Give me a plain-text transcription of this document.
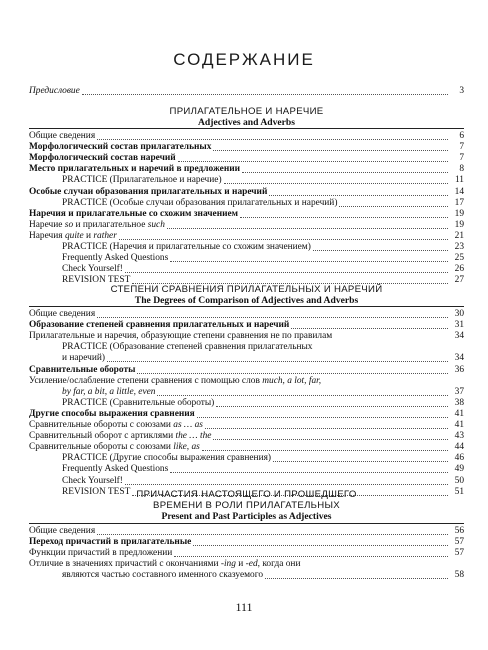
СОДЕРЖАНИЕ
Предисловие	3
ПРИЛАГАТЕЛЬНОЕ И НАРЕЧИЕ
Adjectives and Adverbs
Общие сведения	6
Морфологический состав прилагательных	7
Морфологический состав наречий	7
Место прилагательных и наречий в предложении	8
PRACTICE (Прилагательное и наречие)	11
Особые случаи образования прилагательных и наречий	14
PRACTICE (Особые случаи образования прилагательных и наречий)	17
Наречия и прилагательные со схожим значением	19
Наречие so и прилагательное such	19
Наречия quite и rather	21
PRACTICE (Наречия и прилагательные со схожим значением)	23
Frequently Asked Questions	25
Check Yourself!	26
REVISION TEST	27
СТЕПЕНИ СРАВНЕНИЯ ПРИЛАГАТЕЛЬНЫХ И НАРЕЧИЙ
The Degrees of Comparison of Adjectives and Adverbs
Общие сведения	30
Образование степеней сравнения прилагательных и наречий	31
Прилагательные и наречия, образующие степени сравнения не по правилам	34
PRACTICE (Образование степеней сравнения прилагательных
и наречий)	34
Сравнительные обороты	36
Усиление/ослабление степени сравнения с помощью слов much, a lot, far,
by far, a bit, a little, even	37
PRACTICE (Сравнительные обороты)	38
Другие способы выражения сравнения	41
Сравнительные обороты с союзами as … as	41
Сравнительный оборот с артиклями the … the	43
Сравнительные обороты с союзами like, as	44
PRACTICE (Другие способы выражения сравнения)	46
Frequently Asked Questions	49
Check Yourself!	50
REVISION TEST	51
ПРИЧАСТИЯ НАСТОЯЩЕГО И ПРОШЕДШЕГО
ВРЕМЕНИ В РОЛИ ПРИЛАГАТЕЛЬНЫХ
Present and Past Participles as Adjectives
Общие сведения	56
Переход причастий в прилагательные	57
Функции причастий в предложении	57
Отличие в значениях причастий с окончаниями -ing и -ed, когда они
являются частью составного именного сказуемого	58
111
